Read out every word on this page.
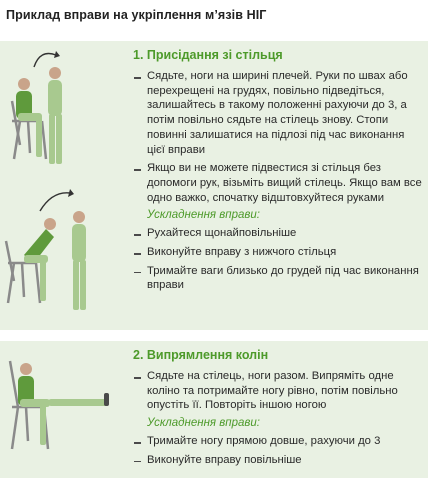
Приклад вправи на укріплення м’язів НІГ
1. Присідання зі стільця
Сядьте, ноги на ширині плечей. Руки по швах або перехрещені на грудях, повільно підведіться, залишайтесь в такому положенні рахуючи до 3, а потім повільно сядьте на стілець знову. Стопи повинні залишатися на підлозі під час виконання цієї вправи
Якщо ви не можете підвестися зі стільця без допомоги рук, візьміть вищий стілець. Якщо вам все одно важко, спочатку відштовхуйтеся руками
Ускладнення вправи:
Рухайтеся щонайповільніше
Виконуйте вправу з нижчого стільця
Тримайте ваги близько до грудей під час виконання вправи
2. Випрямлення колін
Сядьте на стілець, ноги разом. Випряміть одне коліно та потримайте ногу рівно, потім повільно опустіть її. Повторіть іншою ногою
Ускладнення вправи:
Тримайте ногу прямою довше, рахуючи до 3
Виконуйте вправу повільніше
